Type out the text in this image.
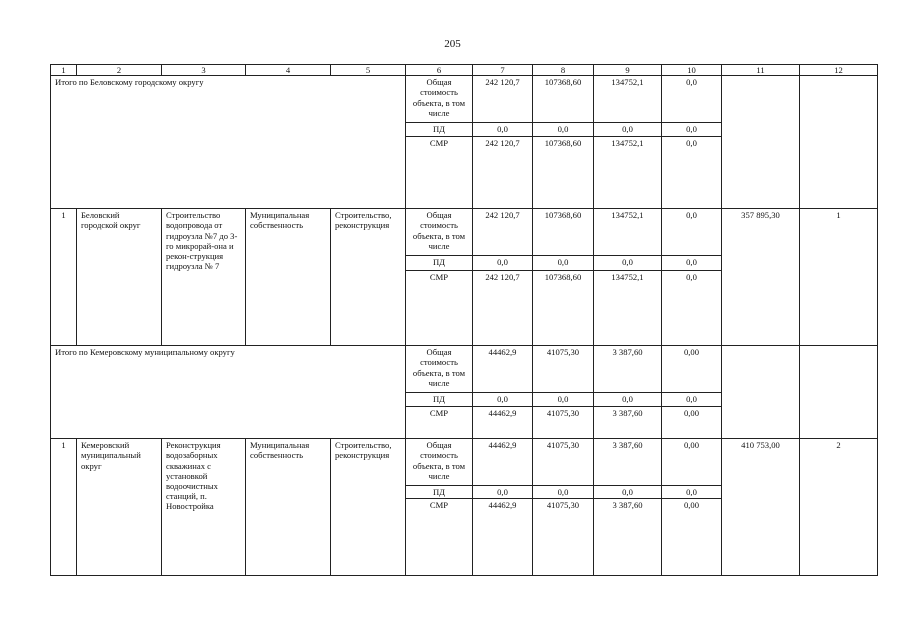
205
1	2	3	4	5	6	7	8	9	10	11	12
Итого по Беловскому городскому округу					Общая стоимость объекта, в том числе	242 120,7	107368,60	134752,1	0,0		
					ПД	0,0	0,0	0,0	0,0		
					СМР	242 120,7	107368,60	134752,1	0,0		
1	Беловский городской округ	Строительство водопровода от гидроузла №7 до 3-го микрорай-она и рекон-струкция гидроузла № 7	Муниципальная собственность	Строительство, реконструкция	Общая стоимость объекта, в том числе	242 120,7	107368,60	134752,1	0,0	357 895,30	1
					ПД	0,0	0,0	0,0	0,0		
					СМР	242 120,7	107368,60	134752,1	0,0		
Итого по Кемеровскому муниципальному округу					Общая стоимость объекта, в том числе	44462,9	41075,30	3 387,60	0,00		
					ПД	0,0	0,0	0,0	0,0		
					СМР	44462,9	41075,30	3 387,60	0,00		
1	Кемеровский муниципальный округ	Реконструкция водозаборных скважинах с установкой водоочистных станций, п. Новостройка	Муниципальная собственность	Строительство, реконструкция	Общая стоимость объекта, в том числе	44462,9	41075,30	3 387,60	0,00	410 753,00	2
					ПД	0,0	0,0	0,0	0,0		
					СМР	44462,9	41075,30	3 387,60	0,00		
